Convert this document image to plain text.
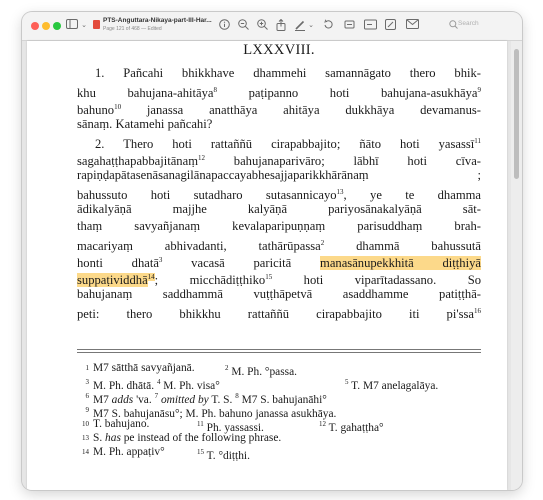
⌄
PTS-Anguttara-Nikaya-part-III-Har...
Page 121 of 468 — Edited	⌄	Search
LXXXVIII.
1. Pañcahi bhikkhave dhammehi samannāgato thero bhik-
khu bahujana-ahitāya$^8$	paṭipanno hoti bahujana-asukhāya$^9$
bahuno$^{10}$ janassa anatthāya ahitāya dukkhāya devamanus-
sānaṃ. Katamehi pañcahi?
2. Thero hoti rattaññū cirapabbajito; ñāto hoti yasassī$^{11}$
sagahaṭṭhapabbajitānaṃ$^{12}$ bahujanaparivāro; lābhī hoti cīva-
rapiṇḍapātasenāsanagilānapaccayabhesajjaparikkhārānaṃ ;
bahussuto hoti sutadharo sutasannicayo$^{13}$, ye te dhamma
ādikalyāṇā majjhe kalyāṇā pariyosānakalyāṇā sāt-
thaṃ savyañjanaṃ kevalaparipuṇṇaṃ parisuddhaṃ brah-
macariyaṃ abhivadanti, tathārūpassa$^2$ dhammā bahussutā
honti dhatā$^3$ vacasā paricitā manasānupekkhitā diṭṭhiyā
suppaṭividdhā$^{14}$; micchādiṭṭhiko$^{15}$ hoti viparītadassano. So
bahujanaṃ saddhammā vuṭṭhāpetvā asaddhamme patiṭṭhā-
peti: thero bhikkhu rattaññū cirapabbajito iti pi'ssa$^{16}$
1 M7 sātthā savyañjanā.	$^2$ M. Ph. °passa.
3 M. Ph. dhātā. $^4$ M. Ph. visa°	$^5$ T. M7 anelagalāya.
6 M7 adds 'va. $^7$ omitted by T. S. $^8$ M7 S. bahujanāhi°
9 M7 S. bahujanāsu°; M. Ph. bahuno janassa asukhāya.
10 T. bahujano.	$^{11}$ Ph. yassassi.	$^{12}$ T. gahaṭṭha°
13 S. has pe instead of the following phrase.
14 M. Ph. appaṭiv°	$^{15}$ T. °diṭṭhi.
